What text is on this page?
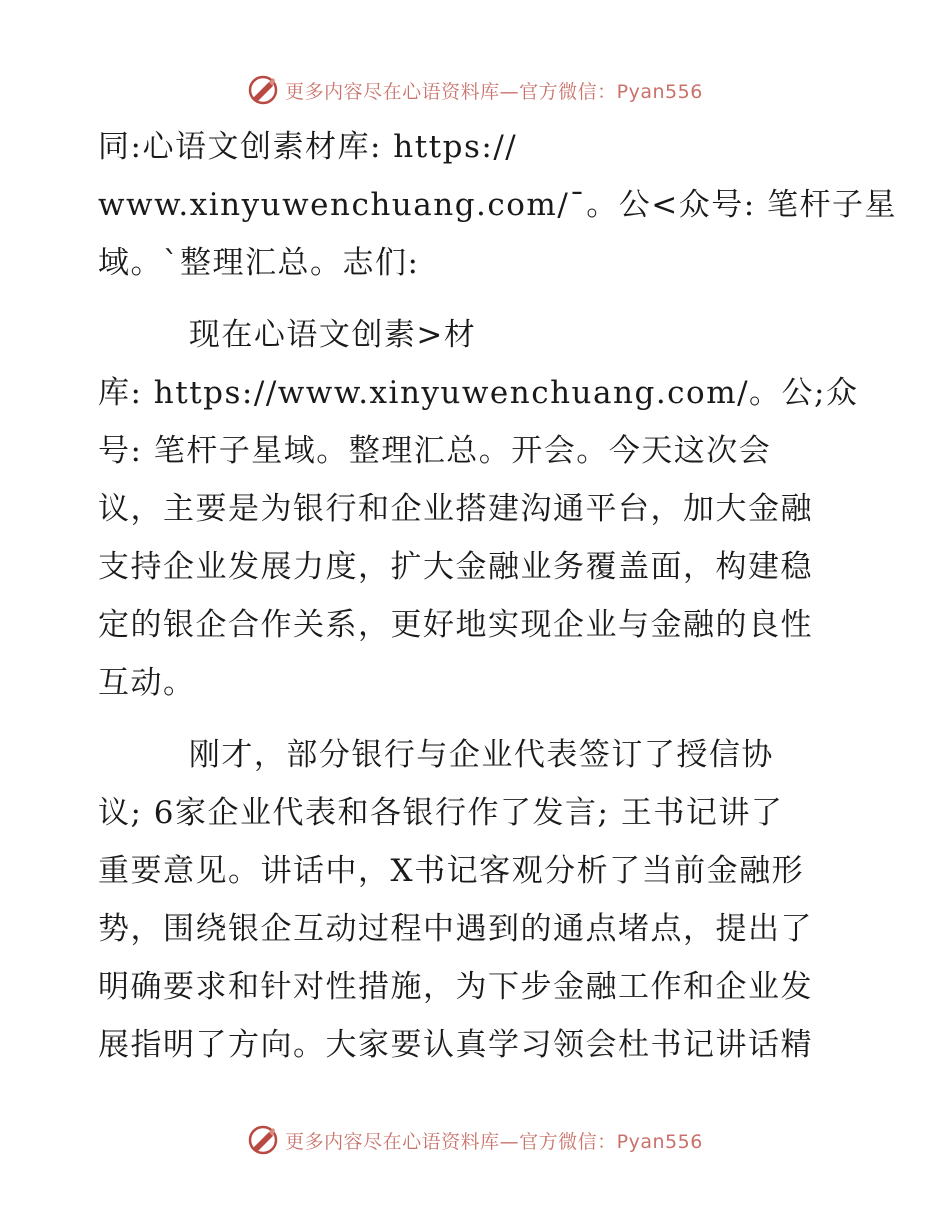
更多内容尽在心语资料库—官方微信：Pyan556
同:心语文创素材库: https://
www.xinyuwenchuang.com/¯。公<众号: 笔杆子星
域。`整理汇总。志们:
现在心语文创素>材
库: https://www.xinyuwenchuang.com/。公;众
号: 笔杆子星域。整理汇总。开会。今天这次会
议，主要是为银行和企业搭建沟通平台，加大金融
支持企业发展力度，扩大金融业务覆盖面，构建稳
定的银企合作关系，更好地实现企业与金融的良性
互动。
刚才，部分银行与企业代表签订了授信协
议; 6家企业代表和各银行作了发言; 王书记讲了
重要意见。讲话中，X书记客观分析了当前金融形
势，围绕银企互动过程中遇到的通点堵点，提出了
明确要求和针对性措施，为下步金融工作和企业发
展指明了方向。大家要认真学习领会杜书记讲话精
更多内容尽在心语资料库—官方微信：Pyan556
